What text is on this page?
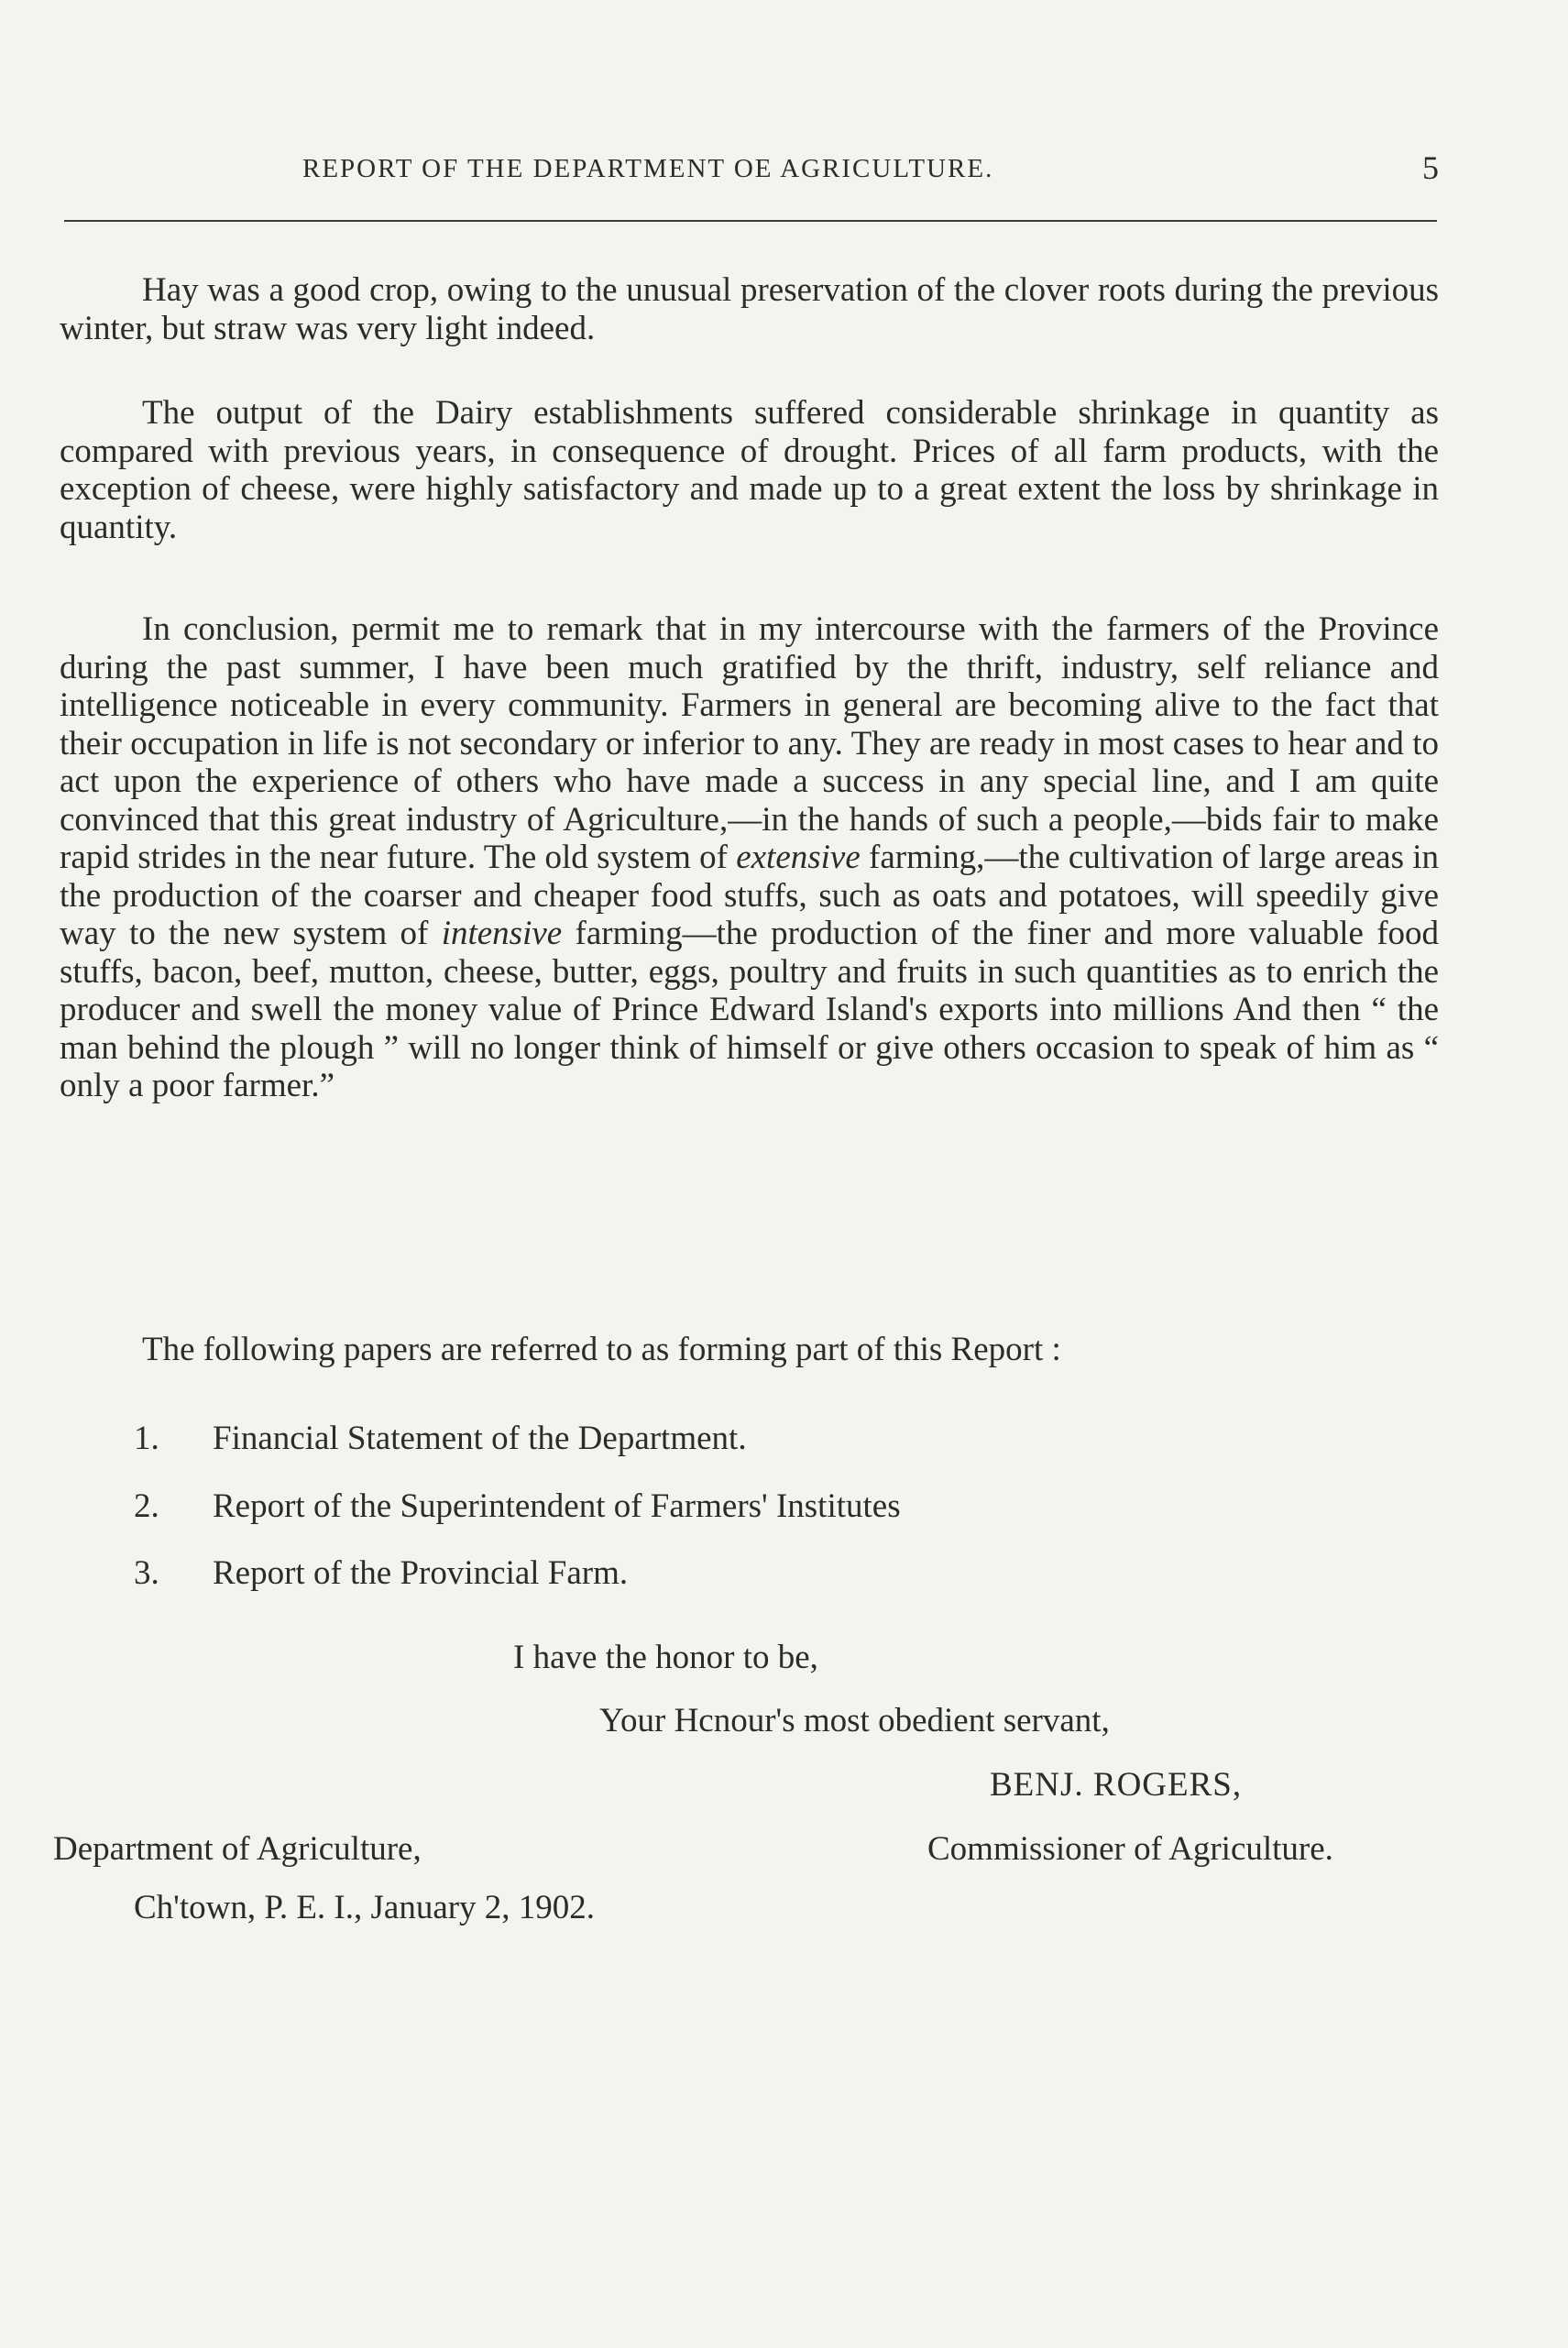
REPORT OF THE DEPARTMENT OE AGRICULTURE.	5

Hay was a good crop, owing to the unusual preservation of the clover roots during the previous winter, but straw was very light indeed.

The output of the Dairy establishments suffered considerable shrinkage in quantity as compared with previous years, in consequence of drought. Prices of all farm products, with the exception of cheese, were highly satisfactory and made up to a great extent the loss by shrinkage in quantity.

In conclusion, permit me to remark that in my intercourse with the farmers of the Province during the past summer, I have been much gratified by the thrift, industry, self reliance and intelligence noticeable in every community. Farmers in general are becoming alive to the fact that their occupation in life is not secondary or inferior to any. They are ready in most cases to hear and to act upon the experience of others who have made a success in any special line, and I am quite convinced that this great industry of Agriculture,—in the hands of such a people,—bids fair to make rapid strides in the near future. The old system of extensive farming,—the cultivation of large areas in the production of the coarser and cheaper food stuffs, such as oats and potatoes, will speedily give way to the new system of intensive farming—the production of the finer and more valuable food stuffs, bacon, beef, mutton, cheese, butter, eggs, poultry and fruits in such quantities as to enrich the producer and swell the money value of Prince Edward Island's exports into millions And then “ the man behind the plough ” will no longer think of himself or give others occasion to speak of him as “ only a poor farmer.”

The following papers are referred to as forming part of this Report :

1. Financial Statement of the Department.
2. Report of the Superintendent of Farmers' Institutes
3. Report of the Provincial Farm.
I have the honor to be,
Your Hcnour's most obedient servant,
BENJ. ROGERS,
Commissioner of Agriculture.
Department of Agriculture,
Ch'town, P. E. I., January 2, 1902.
